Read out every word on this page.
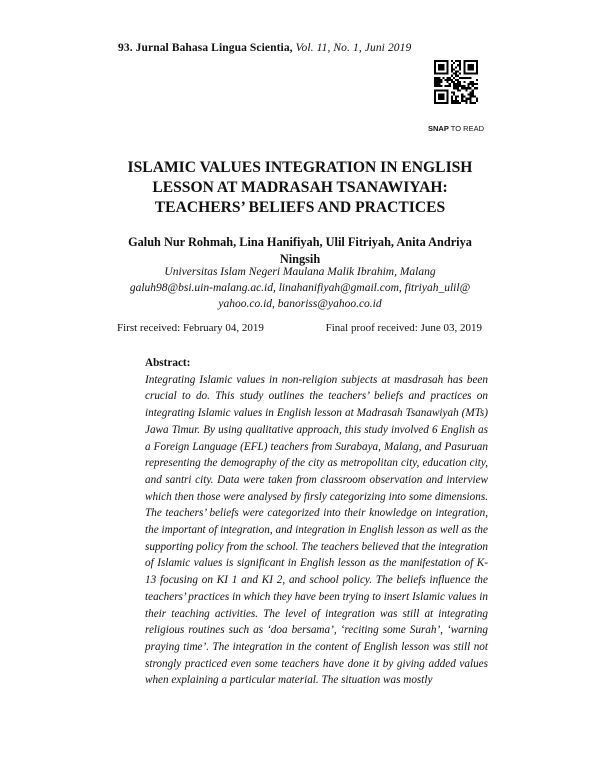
93. Jurnal Bahasa Lingua Scientia, Vol. 11, No. 1, Juni 2019
SNAP TO READ
ISLAMIC VALUES INTEGRATION IN ENGLISH
LESSON AT MADRASAH TSANAWIYAH:
TEACHERS’ BELIEFS AND PRACTICES
Galuh Nur Rohmah, Lina Hanifiyah, Ulil Fitriyah, Anita Andriya
Ningsih
Universitas Islam Negeri Maulana Malik Ibrahim, Malang
galuh98@bsi.uin-malang.ac.id, linahanifiyah@gmail.com, fitriyah_ulil@
yahoo.co.id, banoriss@yahoo.co.id
First received: February 04, 2019	Final proof received: June 03, 2019
Abstract:

Integrating Islamic values in non-religion subjects at masdrasah has been crucial to do. This study outlines the teachers’ beliefs and practices on integrating Islamic values in English lesson at Madrasah Tsanawiyah (MTs) Jawa Timur. By using qualitative approach, this study involved 6 English as a Foreign Language (EFL) teachers from Surabaya, Malang, and Pasuruan representing the demography of the city as metropolitan city, education city, and santri city. Data were taken from classroom observation and interview which then those were analysed by firsly categorizing into some dimensions. The teachers’ beliefs were categorized into their knowledge on integration, the important of integration, and integration in English lesson as well as the supporting policy from the school. The teachers believed that the integration of Islamic values is significant in English lesson as the manifestation of K-13 focusing on KI 1 and KI 2, and school policy. The beliefs influence the teachers’ practices in which they have been trying to insert Islamic values in their teaching activities. The level of integration was still at integrating religious routines such as ‘doa bersama’, ‘reciting some Surah’, ‘warning praying time’. The integration in the content of English lesson was still not strongly practiced even some teachers have done it by giving added values when explaining a particular material. The situation was mostly
